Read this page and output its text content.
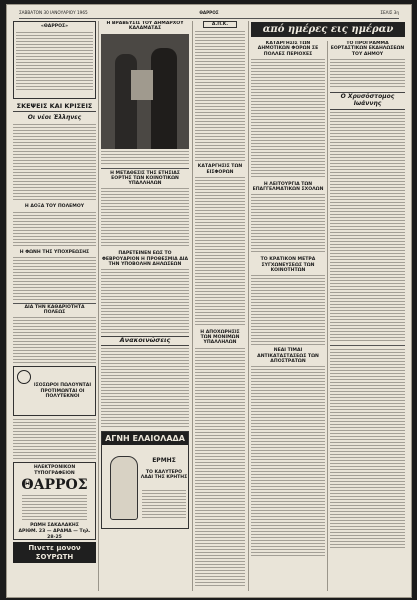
ΣΑΒΒΑΤΟΝ 30 ΙΑΝΟΥΑΡΙΟΥ 1965	ΘΑΡΡΟΣ	ΣΕΛΙΣ 3η
«ΘΑΡΡΟΣ»
ΣΚΕΨΕΙΣ ΚΑΙ ΚΡΙΣΕΙΣ
Οι νέοι Έλληνες
Η ΔΟΞΑ ΤΟΥ ΠΟΛΕΜΟΥ
Η ΦΩΝΗ ΤΗΣ ΥΠΟΧΡΕΩΣΗΣ
ΔΙΑ ΤΗΝ ΚΑΘΑΡΙΟΤΗΤΑ ΠΟΛΕΩΣ
ΙΣΟΣΩΡΟΙ ΠΩΛΟΥΝΤΑΙ ΠΡΟΤΙΜΩΝΤΑΙ ΟΙ ΠΟΛΥΤΕΚΝΟΙ
ΗΛΕΚΤΡΟΝΙΚΟΝ ΤΥΠΟΓΡΑΦΕΙΟΝ
ΘΑΡΡΟΣ
ΡΩΜΗ ΣΑΚΑΛΑΚΗΣ
ΑΡΙΘΜ. 23 — ΔΡΑΜΑ — Τηλ. 28-25
Πινετε μονον ΣΟΥΡΩΤΗ
Η ΒΡΑΒΕΥΣΙΣ ΤΟΥ ΔΗΜΑΡΧΟΥ ΚΑΛΑΜΑΤΑΣ
Η ΜΕΤΑΘΕΣΙΣ ΤΗΣ ΕΤΗΣΙΑΣ ΕΟΡΤΗΣ ΤΩΝ ΚΟΙΝΟΤΙΚΩΝ ΥΠΑΛΛΗΛΩΝ
ΠΑΡΕΤΕΙΝΕΝ ΕΩΣ ΤΟ ΦΕΒΡΟΥΑΡΙΟΝ Η ΠΡΟΘΕΣΜΙΑ ΔΙΑ ΤΗΝ ΥΠΟΒΟΛΗΝ ΔΗΛΩΣΕΩΝ
Ανακοινώσεις
ΑΓΝΗ ΕΛΑΙΟΛΑΔΑ
ΕΡΜΗΣ
ΤΟ ΚΑΛΥΤΕΡΟ ΛΑΔΙ ΤΗΣ ΚΡΗΤΗΣ
Α.Π.Κ.
ΚΑΤΑΡΓΗΣΙΣ ΤΩΝ ΕΙΣΦΟΡΩΝ
Η ΑΠΟΧΩΡΗΣΙΣ ΤΩΝ ΜΟΝΙΜΩΝ ΥΠΑΛΛΗΛΩΝ
από ημέρες εις ημέραν
ΚΑΤΑΡΓΗΣΙΣ ΤΩΝ ΔΗΜΟΤΙΚΩΝ ΦΟΡΩΝ ΣΕ ΠΟΛΛΕΣ ΠΕΡΙΟΧΕΣ
Η ΛΕΙΤΟΥΡΓΙΑ ΤΩΝ ΕΠΑΓΓΕΛΜΑΤΙΚΩΝ ΣΧΟΛΩΝ
ΤΟ ΚΡΑΤΙΚΟΝ ΜΕΤΡΑ ΣΥΓΧΩΝΕΥΣΕΩΣ ΤΩΝ ΚΟΙΝΟΤΗΤΩΝ
ΝΕΑΙ ΤΙΜΑΙ ΑΝΤΙΚΑΤΑΣΤΑΣΕΩΣ ΤΩΝ ΑΠΟΣΤΡΑΤΩΝ
ΤΟ ΠΡΟΓΡΑΜΜΑ ΕΟΡΤΑΣΤΙΚΩΝ ΕΚΔΗΛΩΣΕΩΝ ΤΟΥ ΔΗΜΟΥ
Ο Χρυσόστομος Ιωάννης
